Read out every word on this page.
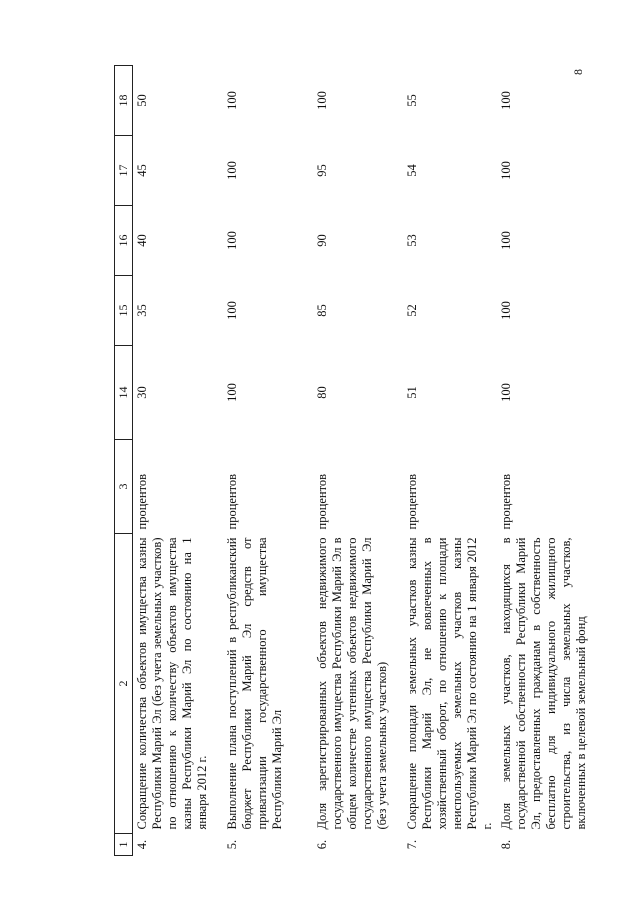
8
1	2	3	14	15	16	17	18
4.	Сокращение количества объектов имущества казны Республики Марий Эл (без учета земельных участков) по отношению к количеству объектов имущества казны Республики Марий Эл по состоянию на 1 января 2012 г.	процентов	30	35	40	45	50
5.	Выполнение плана поступлений в республиканский бюджет Республики Марий Эл средств от приватизации государственного имущества Республики Марий Эл	процентов	100	100	100	100	100
6.	Доля зарегистрированных объектов недвижимого государственного имущества Республики Марий Эл в общем количестве учтенных объектов недвижимого государственного имущества Республики Марий Эл (без учета земельных участков)	процентов	80	85	90	95	100
7.	Сокращение площади земельных участков казны Республики Марий Эл, не вовлеченных в хозяйственный оборот, по отношению к площади неиспользуемых земельных участков казны Республики Марий Эл по состоянию на 1 января 2012 г.	процентов	51	52	53	54	55
8.	Доля земельных участков, находящихся в государственной собственности Республики Марий Эл, предоставленных гражданам в собственность бесплатно для индивидуального жилищного строительства, из числа земельных участков, включенных в целевой земельный фонд	процентов	100	100	100	100	100
